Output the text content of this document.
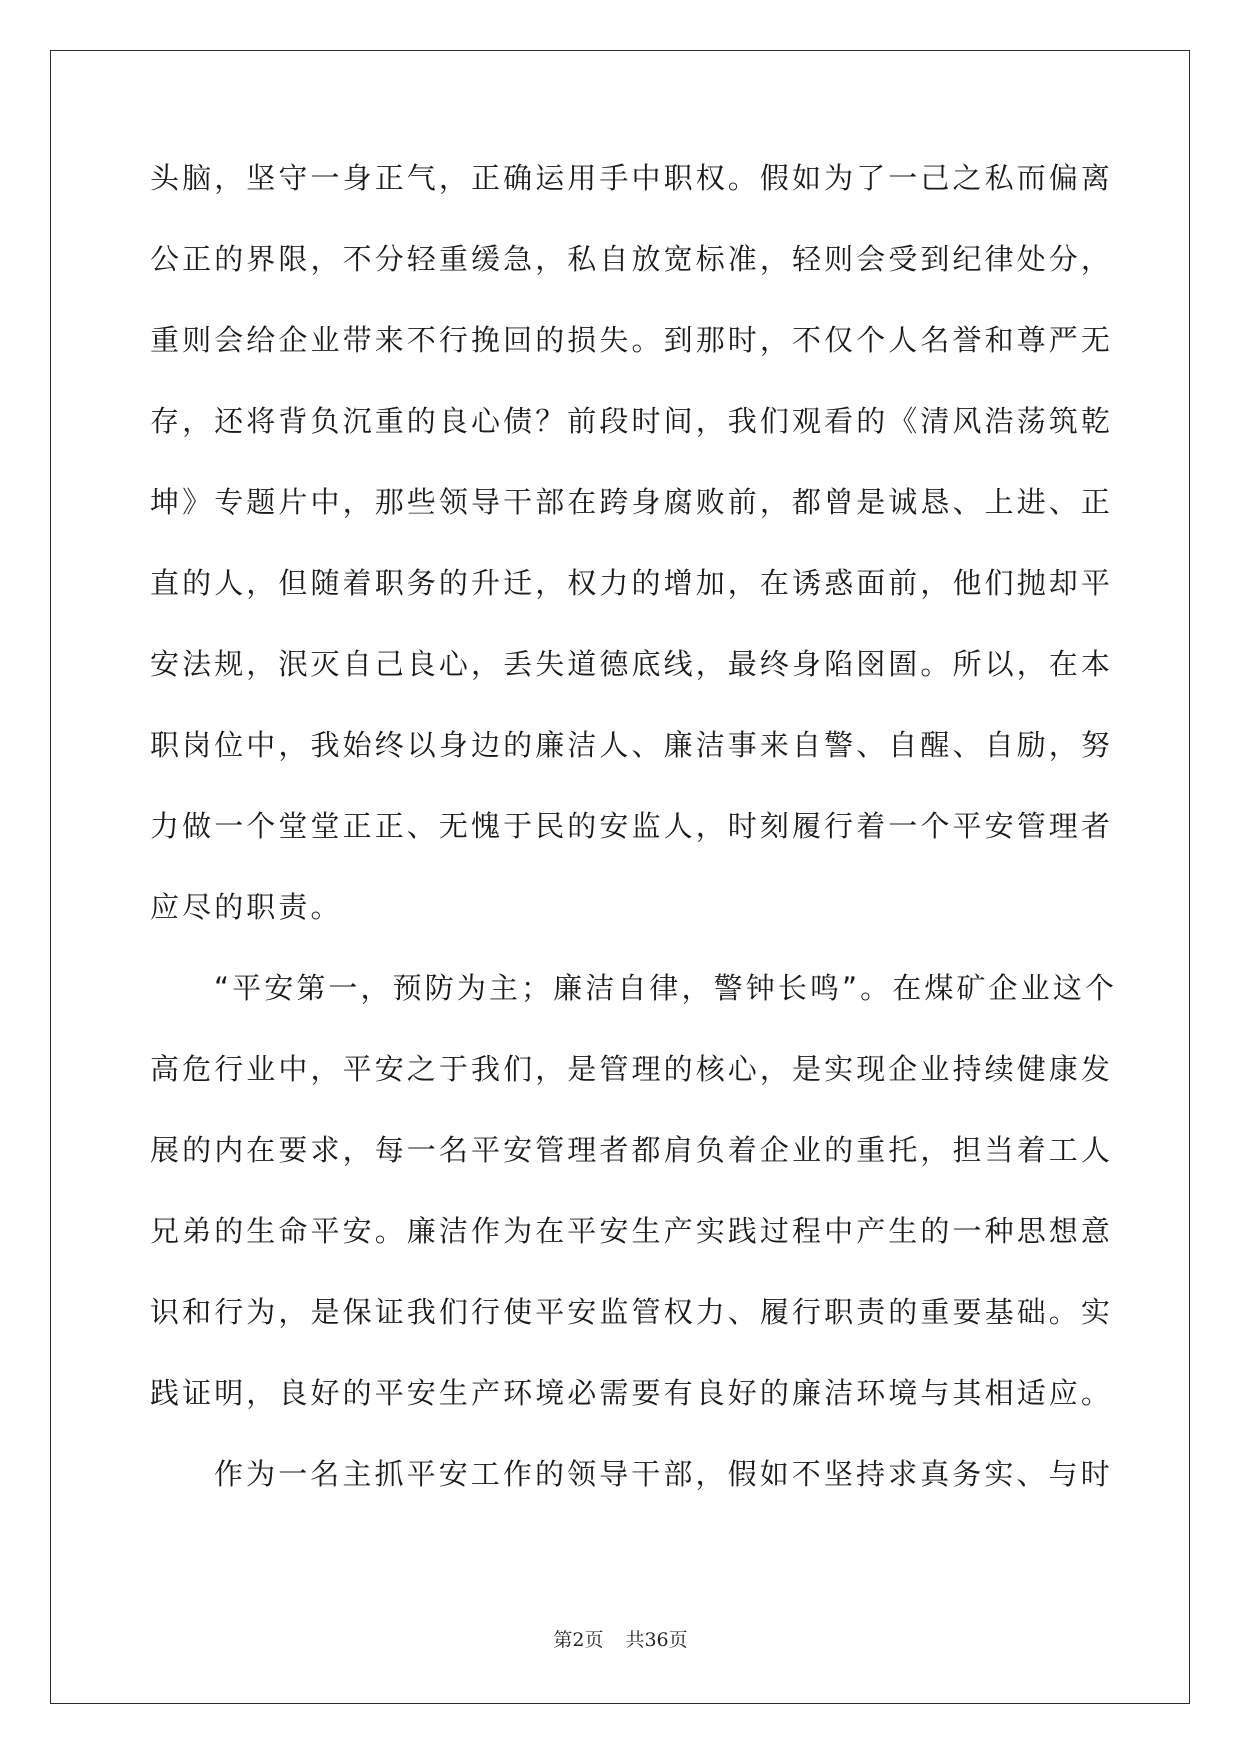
头脑，坚守一身正气，正确运用手中职权。假如为了一己之私而偏离
公正的界限，不分轻重缓急，私自放宽标准，轻则会受到纪律处分，
重则会给企业带来不行挽回的损失。到那时，不仅个人名誉和尊严无
存，还将背负沉重的良心债？前段时间，我们观看的《清风浩荡筑乾
坤》专题片中，那些领导干部在跨身腐败前，都曾是诚恳、上进、正
直的人，但随着职务的升迁，权力的增加，在诱惑面前，他们抛却平
安法规，泯灭自己良心，丢失道德底线，最终身陷囹圄。所以，在本
职岗位中，我始终以身边的廉洁人、廉洁事来自警、自醒、自励，努
力做一个堂堂正正、无愧于民的安监人，时刻履行着一个平安管理者
应尽的职责。
“平安第一，预防为主；廉洁自律，警钟长鸣”。在煤矿企业这个
高危行业中，平安之于我们，是管理的核心，是实现企业持续健康发
展的内在要求，每一名平安管理者都肩负着企业的重托，担当着工人
兄弟的生命平安。廉洁作为在平安生产实践过程中产生的一种思想意
识和行为，是保证我们行使平安监管权力、履行职责的重要基础。实
践证明，良好的平安生产环境必需要有良好的廉洁环境与其相适应。
作为一名主抓平安工作的领导干部，假如不坚持求真务实、与时
第2页 共36页
